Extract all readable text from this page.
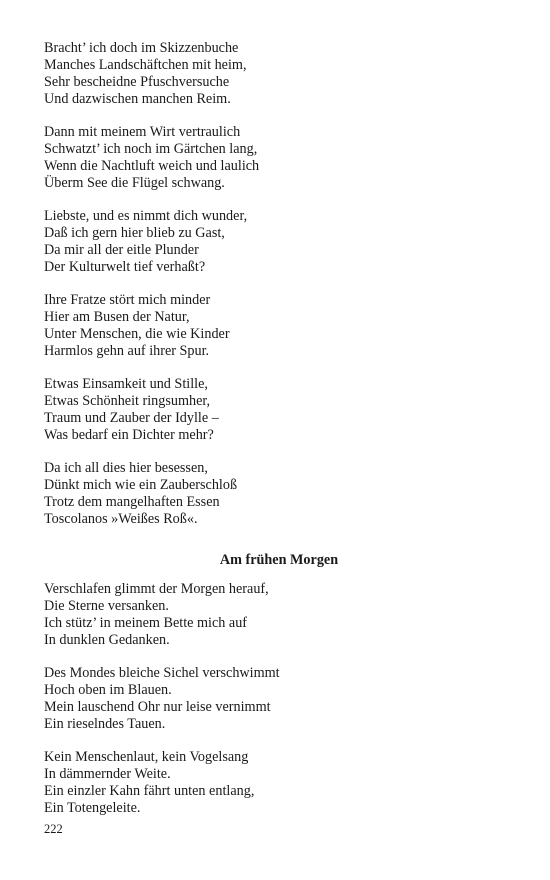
Bracht’ ich doch im Skizzenbuche
Manches Landschäftchen mit heim,
Sehr bescheidne Pfuschversuche
Und dazwischen manchen Reim.
Dann mit meinem Wirt vertraulich
Schwatzt’ ich noch im Gärtchen lang,
Wenn die Nachtluft weich und laulich
Überm See die Flügel schwang.
Liebste, und es nimmt dich wunder,
Daß ich gern hier blieb zu Gast,
Da mir all der eitle Plunder
Der Kulturwelt tief verhaßt?
Ihre Fratze stört mich minder
Hier am Busen der Natur,
Unter Menschen, die wie Kinder
Harmlos gehn auf ihrer Spur.
Etwas Einsamkeit und Stille,
Etwas Schönheit ringsumher,
Traum und Zauber der Idylle –
Was bedarf ein Dichter mehr?
Da ich all dies hier besessen,
Dünkt mich wie ein Zauberschloß
Trotz dem mangelhaften Essen
Toscolanos »Weißes Roß«.
Am frühen Morgen
Verschlafen glimmt der Morgen herauf,
Die Sterne versanken.
Ich stütz’ in meinem Bette mich auf
In dunklen Gedanken.
Des Mondes bleiche Sichel verschwimmt
Hoch oben im Blauen.
Mein lauschend Ohr nur leise vernimmt
Ein rieselndes Tauen.
Kein Menschenlaut, kein Vogelsang
In dämmernder Weite.
Ein einzler Kahn fährt unten entlang,
Ein Totengeleite.
222
